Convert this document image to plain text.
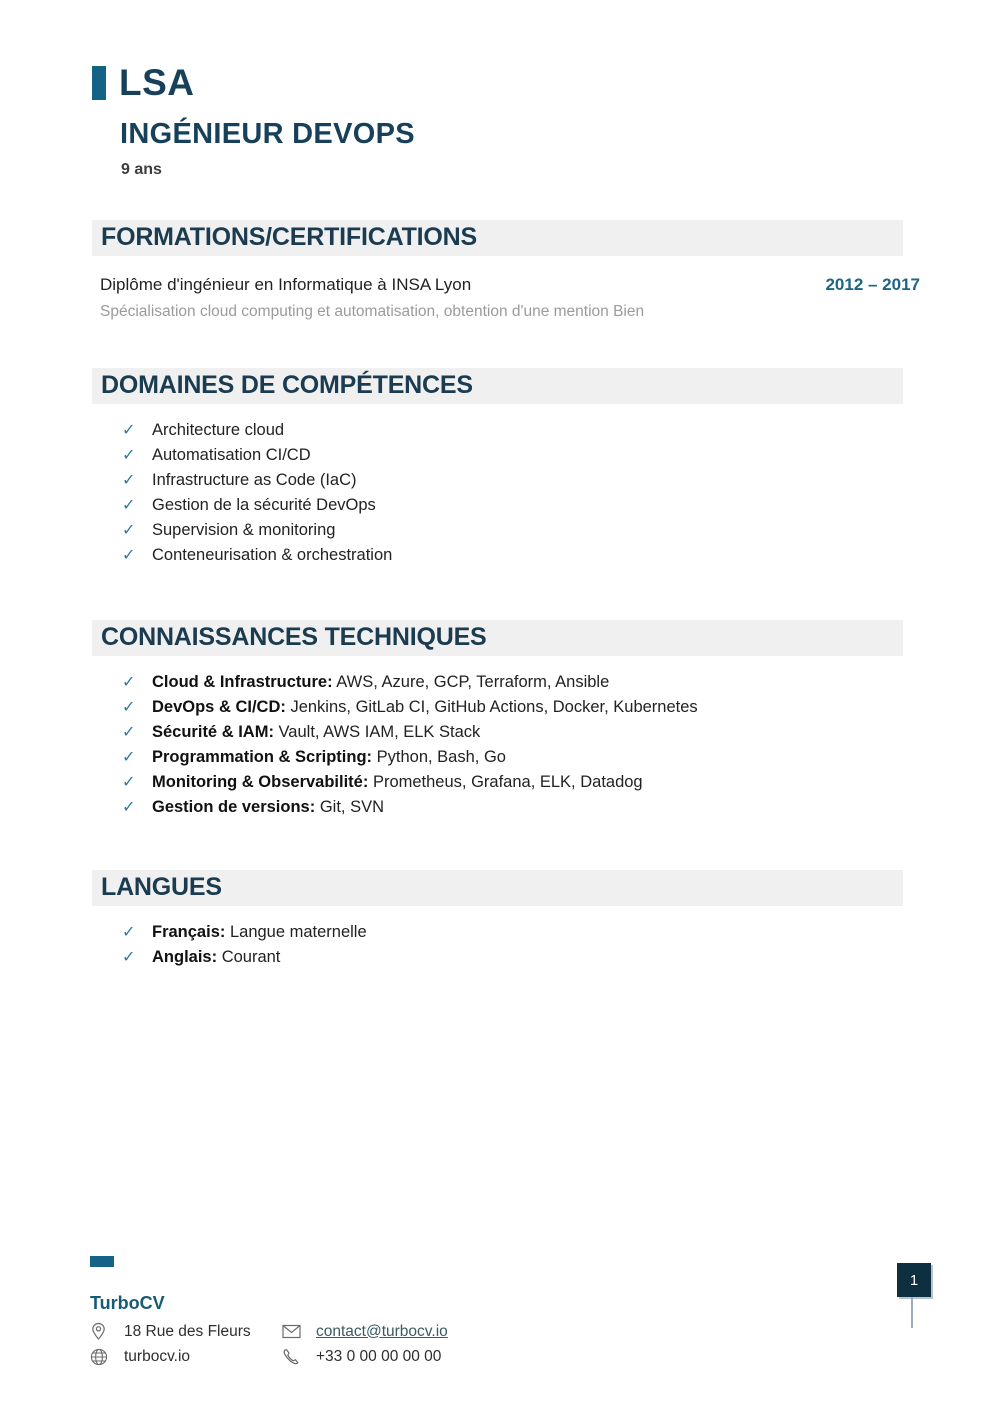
LSA
INGÉNIEUR DEVOPS
9 ans
FORMATIONS/CERTIFICATIONS
Diplôme d'ingénieur en Informatique à INSA Lyon	2012 – 2017
Spécialisation cloud computing et automatisation, obtention d'une mention Bien
DOMAINES DE COMPÉTENCES
✓	Architecture cloud
✓	Automatisation CI/CD
✓	Infrastructure as Code (IaC)
✓	Gestion de la sécurité DevOps
✓	Supervision & monitoring
✓	Conteneurisation & orchestration
CONNAISSANCES TECHNIQUES
✓	Cloud & Infrastructure: AWS, Azure, GCP, Terraform, Ansible
✓	DevOps & CI/CD: Jenkins, GitLab CI, GitHub Actions, Docker, Kubernetes
✓	Sécurité & IAM: Vault, AWS IAM, ELK Stack
✓	Programmation & Scripting: Python, Bash, Go
✓	Monitoring & Observabilité: Prometheus, Grafana, ELK, Datadog
✓	Gestion de versions: Git, SVN
LANGUES
✓	Français: Langue maternelle
✓	Anglais: Courant
TurboCV
18 Rue des Fleurs	contact@turbocv.io
turbocv.io	+33 0 00 00 00 00
1
